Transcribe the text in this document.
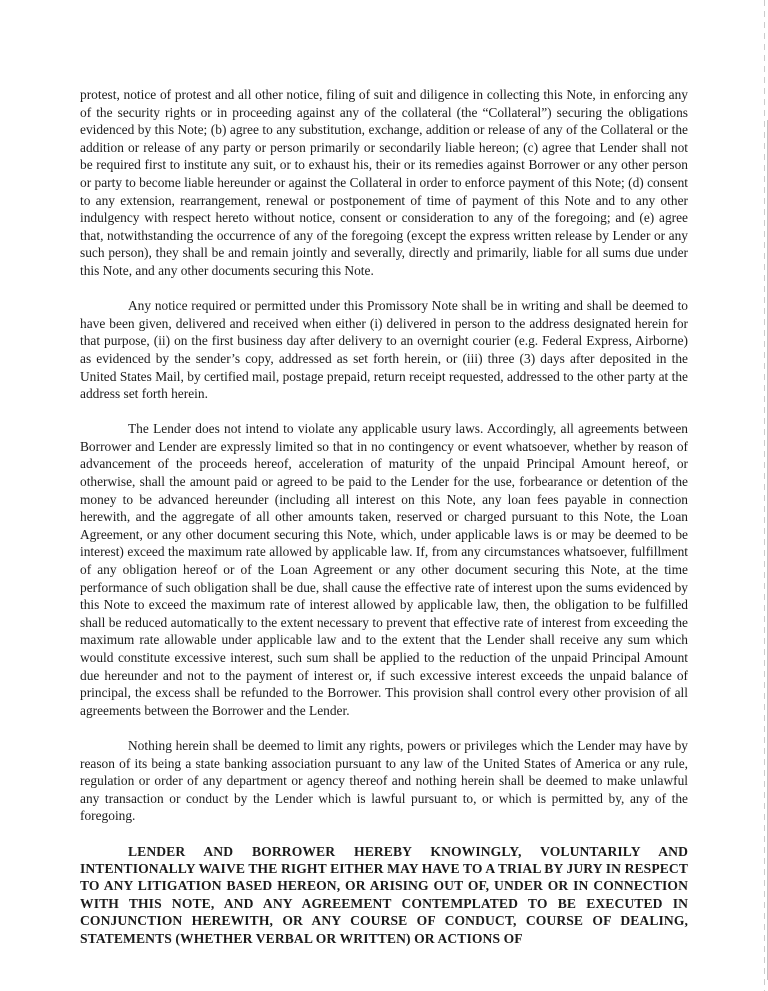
protest, notice of protest and all other notice, filing of suit and diligence in collecting this Note, in enforcing any of the security rights or in proceeding against any of the collateral (the “Collateral”) securing the obligations evidenced by this Note; (b) agree to any substitution, exchange, addition or release of any of the Collateral or the addition or release of any party or person primarily or secondarily liable hereon; (c) agree that Lender shall not be required first to institute any suit, or to exhaust his, their or its remedies against Borrower or any other person or party to become liable hereunder or against the Collateral in order to enforce payment of this Note; (d) consent to any extension, rearrangement, renewal or postponement of time of payment of this Note and to any other indulgency with respect hereto without notice, consent or consideration to any of the foregoing; and (e) agree that, notwithstanding the occurrence of any of the foregoing (except the express written release by Lender or any such person), they shall be and remain jointly and severally, directly and primarily, liable for all sums due under this Note, and any other documents securing this Note.

Any notice required or permitted under this Promissory Note shall be in writing and shall be deemed to have been given, delivered and received when either (i) delivered in person to the address designated herein for that purpose, (ii) on the first business day after delivery to an overnight courier (e.g. Federal Express, Airborne) as evidenced by the sender’s copy, addressed as set forth herein, or (iii) three (3) days after deposited in the United States Mail, by certified mail, postage prepaid, return receipt requested, addressed to the other party at the address set forth herein.

The Lender does not intend to violate any applicable usury laws. Accordingly, all agreements between Borrower and Lender are expressly limited so that in no contingency or event whatsoever, whether by reason of advancement of the proceeds hereof, acceleration of maturity of the unpaid Principal Amount hereof, or otherwise, shall the amount paid or agreed to be paid to the Lender for the use, forbearance or detention of the money to be advanced hereunder (including all interest on this Note, any loan fees payable in connection herewith, and the aggregate of all other amounts taken, reserved or charged pursuant to this Note, the Loan Agreement, or any other document securing this Note, which, under applicable laws is or may be deemed to be interest) exceed the maximum rate allowed by applicable law. If, from any circumstances whatsoever, fulfillment of any obligation hereof or of the Loan Agreement or any other document securing this Note, at the time performance of such obligation shall be due, shall cause the effective rate of interest upon the sums evidenced by this Note to exceed the maximum rate of interest allowed by applicable law, then, the obligation to be fulfilled shall be reduced automatically to the extent necessary to prevent that effective rate of interest from exceeding the maximum rate allowable under applicable law and to the extent that the Lender shall receive any sum which would constitute excessive interest, such sum shall be applied to the reduction of the unpaid Principal Amount due hereunder and not to the payment of interest or, if such excessive interest exceeds the unpaid balance of principal, the excess shall be refunded to the Borrower. This provision shall control every other provision of all agreements between the Borrower and the Lender.

Nothing herein shall be deemed to limit any rights, powers or privileges which the Lender may have by reason of its being a state banking association pursuant to any law of the United States of America or any rule, regulation or order of any department or agency thereof and nothing herein shall be deemed to make unlawful any transaction or conduct by the Lender which is lawful pursuant to, or which is permitted by, any of the foregoing.

LENDER AND BORROWER HEREBY KNOWINGLY, VOLUNTARILY AND INTENTIONALLY WAIVE THE RIGHT EITHER MAY HAVE TO A TRIAL BY JURY IN RESPECT TO ANY LITIGATION BASED HEREON, OR ARISING OUT OF, UNDER OR IN CONNECTION WITH THIS NOTE, AND ANY AGREEMENT CONTEMPLATED TO BE EXECUTED IN CONJUNCTION HEREWITH, OR ANY COURSE OF CONDUCT, COURSE OF DEALING, STATEMENTS (WHETHER VERBAL OR WRITTEN) OR ACTIONS OF
